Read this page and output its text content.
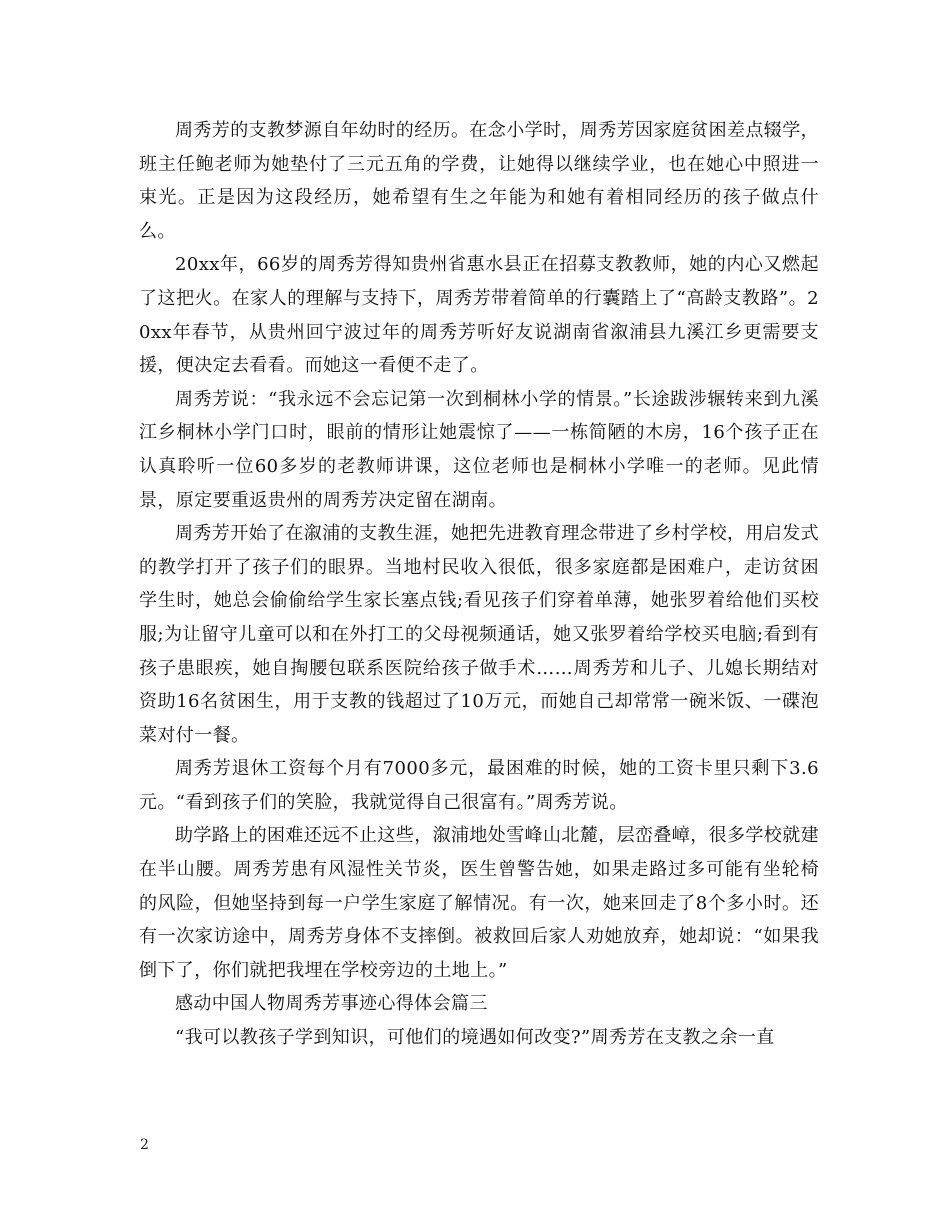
周秀芳的支教梦源自年幼时的经历。在念小学时，周秀芳因家庭贫困差点辍学，班主任鲍老师为她垫付了三元五角的学费，让她得以继续学业，也在她心中照进一束光。正是因为这段经历，她希望有生之年能为和她有着相同经历的孩子做点什么。

20xx年，66岁的周秀芳得知贵州省惠水县正在招募支教教师，她的内心又燃起了这把火。在家人的理解与支持下，周秀芳带着简单的行囊踏上了“高龄支教路”。20xx年春节，从贵州回宁波过年的周秀芳听好友说湖南省溆浦县九溪江乡更需要支援，便决定去看看。而她这一看便不走了。

周秀芳说：“我永远不会忘记第一次到桐林小学的情景。”长途跋涉辗转来到九溪江乡桐林小学门口时，眼前的情形让她震惊了——一栋简陋的木房，16个孩子正在认真聆听一位60多岁的老教师讲课，这位老师也是桐林小学唯一的老师。见此情景，原定要重返贵州的周秀芳决定留在湖南。

周秀芳开始了在溆浦的支教生涯，她把先进教育理念带进了乡村学校，用启发式的教学打开了孩子们的眼界。当地村民收入很低，很多家庭都是困难户，走访贫困学生时，她总会偷偷给学生家长塞点钱;看见孩子们穿着单薄，她张罗着给他们买校服;为让留守儿童可以和在外打工的父母视频通话，她又张罗着给学校买电脑;看到有孩子患眼疾，她自掏腰包联系医院给孩子做手术……周秀芳和儿子、儿媳长期结对资助16名贫困生，用于支教的钱超过了10万元，而她自己却常常一碗米饭、一碟泡菜对付一餐。

周秀芳退休工资每个月有7000多元，最困难的时候，她的工资卡里只剩下3.6元。“看到孩子们的笑脸，我就觉得自己很富有。”周秀芳说。

助学路上的困难还远不止这些，溆浦地处雪峰山北麓，层峦叠嶂，很多学校就建在半山腰。周秀芳患有风湿性关节炎，医生曾警告她，如果走路过多可能有坐轮椅的风险，但她坚持到每一户学生家庭了解情况。有一次，她来回走了8个多小时。还有一次家访途中，周秀芳身体不支摔倒。被救回后家人劝她放弃，她却说：“如果我倒下了，你们就把我埋在学校旁边的土地上。”

感动中国人物周秀芳事迹心得体会篇三

“我可以教孩子学到知识，可他们的境遇如何改变?”周秀芳在支教之余一直

2
